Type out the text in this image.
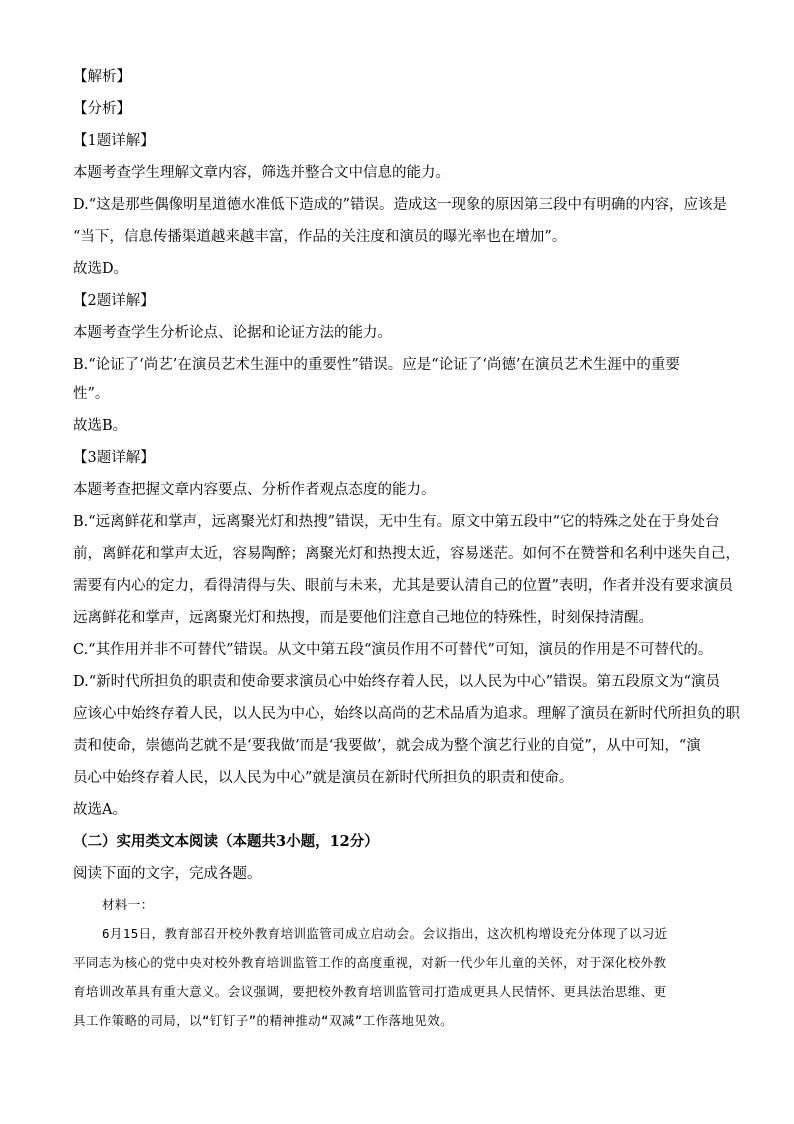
【解析】
【分析】
【1题详解】
本题考查学生理解文章内容，筛选并整合文中信息的能力。
D.“这是那些偶像明星道德水准低下造成的”错误。造成这一现象的原因第三段中有明确的内容，应该是
“当下，信息传播渠道越来越丰富，作品的关注度和演员的曝光率也在增加”。
故选D。
【2题详解】
本题考查学生分析论点、论据和论证方法的能力。
B.“论证了‘尚艺’在演员艺术生涯中的重要性”错误。应是“论证了‘尚德’在演员艺术生涯中的重要
性”。
故选B。
【3题详解】
本题考查把握文章内容要点、分析作者观点态度的能力。
B.“远离鲜花和掌声，远离聚光灯和热搜”错误，无中生有。原文中第五段中“它的特殊之处在于身处台
前，离鲜花和掌声太近，容易陶醉；离聚光灯和热搜太近，容易迷茫。如何不在赞誉和名利中迷失自己，
需要有内心的定力，看得清得与失、眼前与未来，尤其是要认清自己的位置”表明，作者并没有要求演员
远离鲜花和掌声，远离聚光灯和热搜，而是要他们注意自己地位的特殊性，时刻保持清醒。
C.“其作用并非不可替代”错误。从文中第五段“演员作用不可替代”可知，演员的作用是不可替代的。
D.“新时代所担负的职责和使命要求演员心中始终存着人民，以人民为中心”错误。第五段原文为“演员
应该心中始终存着人民，以人民为中心，始终以高尚的艺术品盾为追求。理解了演员在新时代所担负的职
责和使命，崇德尚艺就不是‘要我做’而是‘我要做’，就会成为整个演艺行业的自觉”，从中可知，“演
员心中始终存着人民，以人民为中心”就是演员在新时代所担负的职责和使命。
故选A。
（二）实用类文本阅读（本题共3小题，12分）
阅读下面的文字，完成各题。
材料一：
6月15日，教育部召开校外教育培训监管司成立启动会。会议指出，这次机构增设充分体现了以习近
平同志为核心的党中央对校外教育培训监管工作的高度重视，对新一代少年儿童的关怀，对于深化校外教
育培训改革具有重大意义。会议强调，要把校外教育培训监管司打造成更具人民情怀、更具法治思维、更
具工作策略的司局，以“钉钉子”的精神推动“双减”工作落地见效。
